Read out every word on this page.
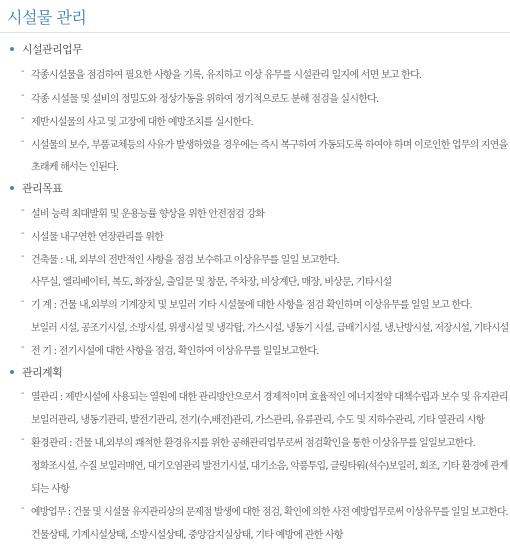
시설물 관리
시설관리업무
- 각종시설물을 점검하여 필요한 사항을 기록, 유지하고 이상 유무를 시설관리 일지에 서면 보고 한다.
- 각종 시설물 및 설비의 정밀도와 정상가동을 위하여 정기적으로도 분해 점검을 실시한다.
- 제반시설물의 사고 및 고장에 대한 예방조치를 실시한다.
- 시설물의 보수, 부품교체등의 사유가 발생하였을 경우에는 즉시 복구하여 가동되도록 하여야 하며 이로인한 업무의 지연을
초래케 해서는 인된다.
관리목표
- 설비 능력 최대발휘 및 운용능률 향상을 위한 안전점검 강화
- 시설물 내구연한 연장관리를 위한
- 건축물 : 내, 외부의 전반적인 사항을 점검 보수하고 이상유무를 일일 보고한다.
사무실, 엘리베이터, 복도, 화장실, 출입문 및 창문, 주차장, 비상계단, 매장, 비상문, 기타시설
- 기 계 : 건물 내,외부의 기계장치 및 보일러 기타 시설물에 대한 사항을 점검 확인하며 이상유무를 일일 보고 한다.
보일러 시설, 공조기시설, 소방시설, 위생시설 및 냉각탑, 가스시설, 냉동기 시설, 급배기시설, 냉,난방시설, 저장시설, 기타시설
- 전 기 : 전기시설에 대한 사항을 점검, 확인하여 이상유무를 일일보고한다.
관리계획
- 열관리 : 제반시설에 사용되는 열원에 대한 관리방안으로서 경제적이며 효율적인 에너지절약 대책수립과 보수 및 유지관리
보일러관리, 냉동기관리, 발전기관리, 전기(수,배전)관리, 가스관리, 유류관리, 수도 및 지하수관리, 기타 열관리 시항
- 환경관리 : 건물 내,외부의 쾌적한 환경유지를 위한 공해관리업무로써 점검확인을 통한 이상유무를 일일보고한다.
정화조시설, 수질 보일러매연, 대기오염관리 발전기시설, 대기소음, 악품투입, 클링타워(석수)보일러, 회조, 기타 환경에 관계
되는 사항
- 예방업무 : 건물 및 시설물 유지관리상의 문제점 발생에 대한 점검, 확인에 의한 사전 예방업무로써 이상유무를 일일 보고한다.
건물상태, 기계시설상태, 소방시설상태, 중앙감지실상태, 기타 예방에 관한 사항
